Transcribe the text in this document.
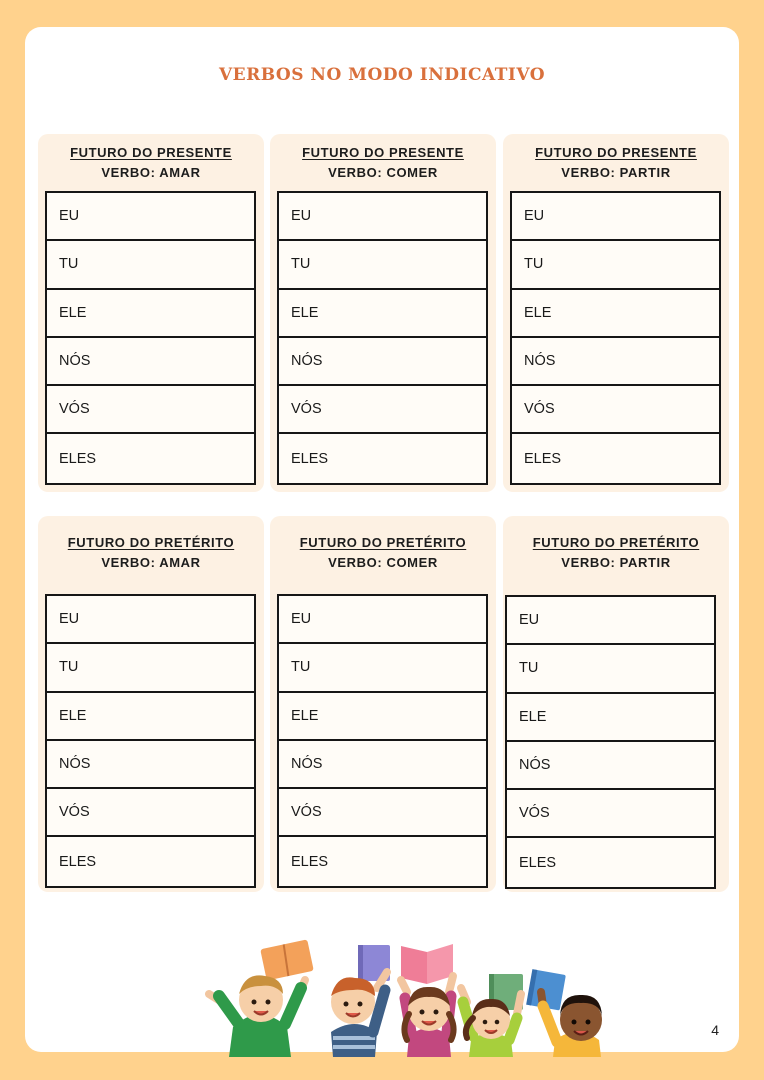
VERBOS NO MODO INDICATIVO
FUTURO DO PRESENTE
VERBO: AMAR
EU
TU
ELE
NÓS
VÓS
ELES
FUTURO DO PRESENTE
VERBO: COMER
EU
TU
ELE
NÓS
VÓS
ELES
FUTURO DO PRESENTE
VERBO: PARTIR
EU
TU
ELE
NÓS
VÓS
ELES
FUTURO DO PRETÉRITO
VERBO: AMAR
EU
TU
ELE
NÓS
VÓS
ELES
FUTURO DO PRETÉRITO
VERBO: COMER
EU
TU
ELE
NÓS
VÓS
ELES
FUTURO DO PRETÉRITO
VERBO: PARTIR
EU
TU
ELE
NÓS
VÓS
ELES
4
